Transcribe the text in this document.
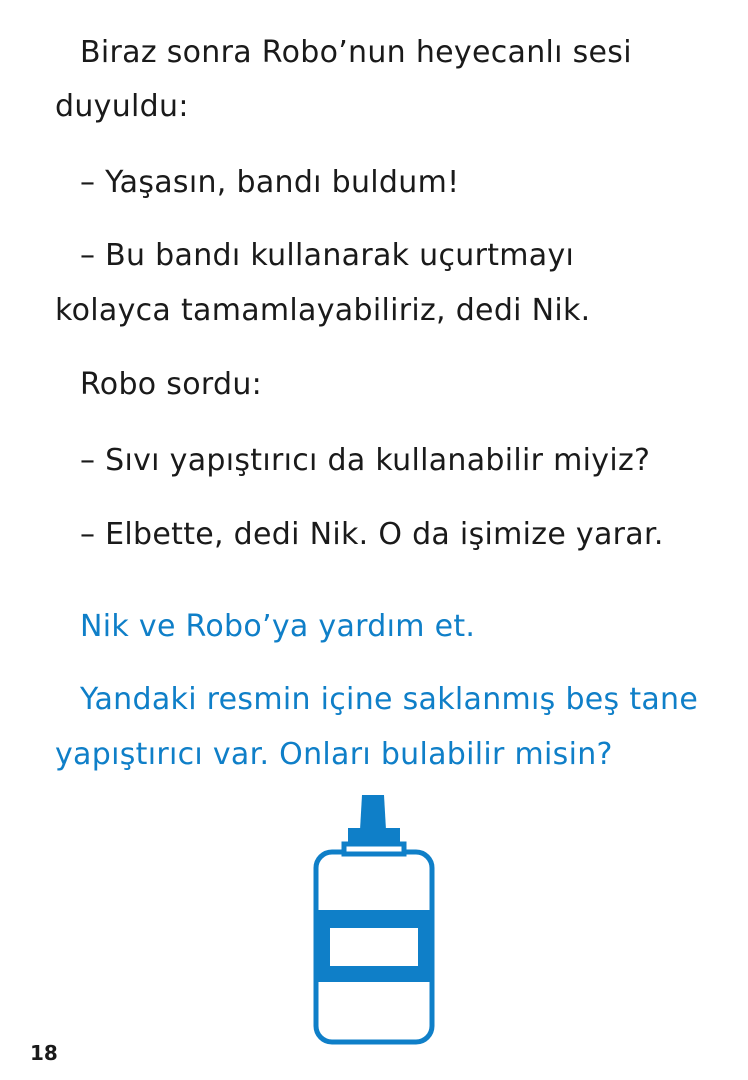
Biraz sonra Robo’nun heyecanlı sesi

duyuldu:

– Yaşasın, bandı buldum!

– Bu bandı kullanarak uçurtmayı

kolayca tamamlayabiliriz, dedi Nik.

Robo sordu:

– Sıvı yapıştırıcı da kullanabilir miyiz?

– Elbette, dedi Nik. O da işimize yarar.

Nik ve Robo’ya yardım et.

Yandaki resmin içine saklanmış beş tane

yapıştırıcı var. Onları bulabilir misin?

18
